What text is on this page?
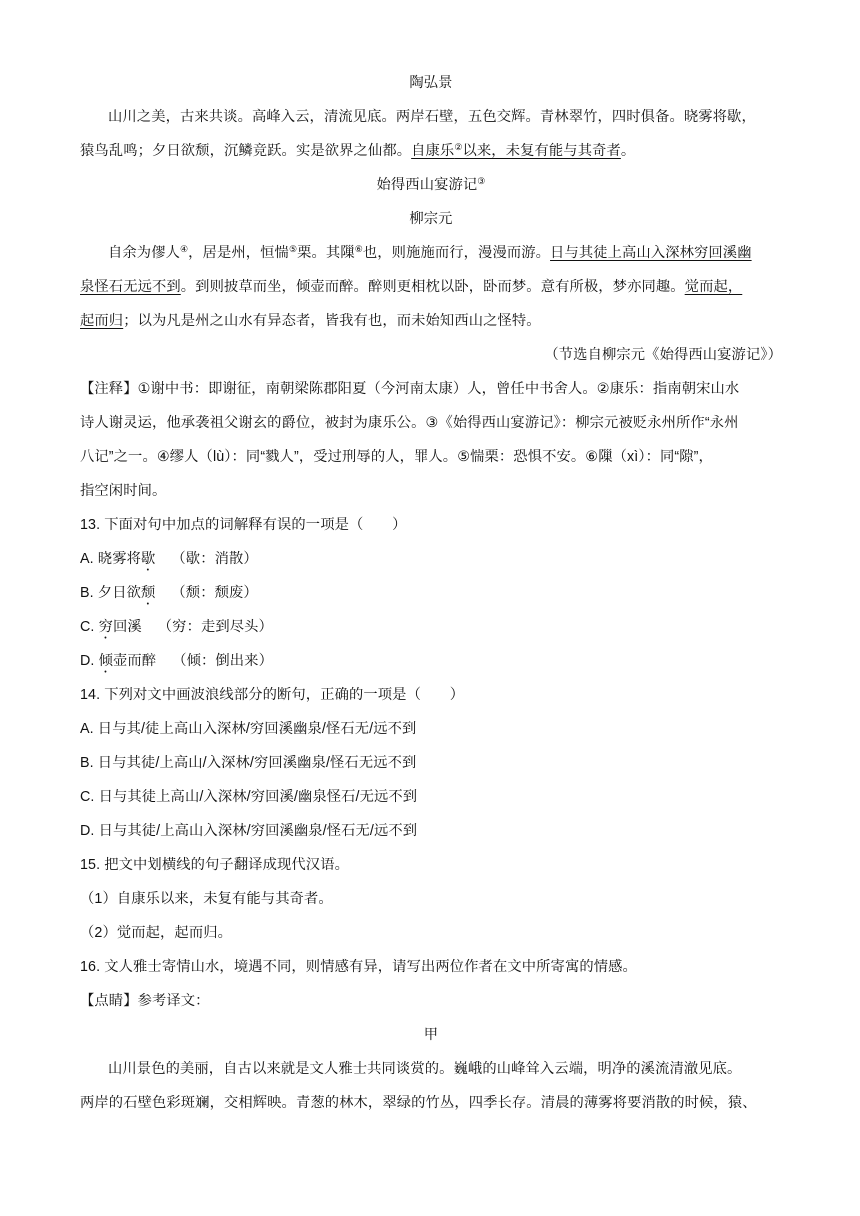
陶弘景
山川之美，古来共谈。高峰入云，清流见底。两岸石壁，五色交辉。青林翠竹，四时俱备。晓雾将歇，
猿鸟乱鸣；夕日欲颓，沉鳞竞跃。实是欲界之仙都。自康乐②以来，未复有能与其奇者。
始得西山宴游记③
柳宗元
自余为僇人④，居是州，恒惴⑤栗。其隟⑥也，则施施而行，漫漫而游。日与其徒上高山入深林穷回溪幽
泉怪石无远不到。到则披草而坐，倾壶而醉。醉则更相枕以卧，卧而梦。意有所极，梦亦同趣。觉而起，
起而归；以为凡是州之山水有异态者，皆我有也，而未始知西山之怪特。
（节选自柳宗元《始得西山宴游记》）
【注释】①谢中书：即谢征，南朝梁陈郡阳夏（今河南太康）人，曾任中书舍人。②康乐：指南朝宋山水
诗人谢灵运，他承袭祖父谢玄的爵位，被封为康乐公。③《始得西山宴游记》：柳宗元被贬永州所作“永州
八记”之一。④缪人（lù）：同“戮人”，受过刑辱的人，罪人。⑤惴栗：恐惧不安。⑥隟（xì）：同“隙”，
指空闲时间。
13. 下面对句中加点的词解释有误的一项是（　　）
A. 晓雾将歇 （歇：消散）
B. 夕日欲颓 （颓：颓废）
C. 穷回溪 （穷：走到尽头）
D. 倾壶而醉 （倾：倒出来）
14. 下列对文中画波浪线部分的断句，正确的一项是（　　）
A. 日与其/徒上高山入深林/穷回溪幽泉/怪石无/远不到
B. 日与其徒/上高山/入深林/穷回溪幽泉/怪石无远不到
C. 日与其徒上高山/入深林/穷回溪/幽泉怪石/无远不到
D. 日与其徒/上高山入深林/穷回溪幽泉/怪石无/远不到
15. 把文中划横线的句子翻译成现代汉语。
（1）自康乐以来，未复有能与其奇者。
（2）觉而起，起而归。
16. 文人雅士寄情山水，境遇不同，则情感有异，请写出两位作者在文中所寄寓的情感。
【点睛】参考译文：
甲
山川景色的美丽，自古以来就是文人雅士共同谈赏的。巍峨的山峰耸入云端，明净的溪流清澈见底。
两岸的石壁色彩斑斓，交相辉映。青葱的林木，翠绿的竹丛，四季长存。清晨的薄雾将要消散的时候，猿、
